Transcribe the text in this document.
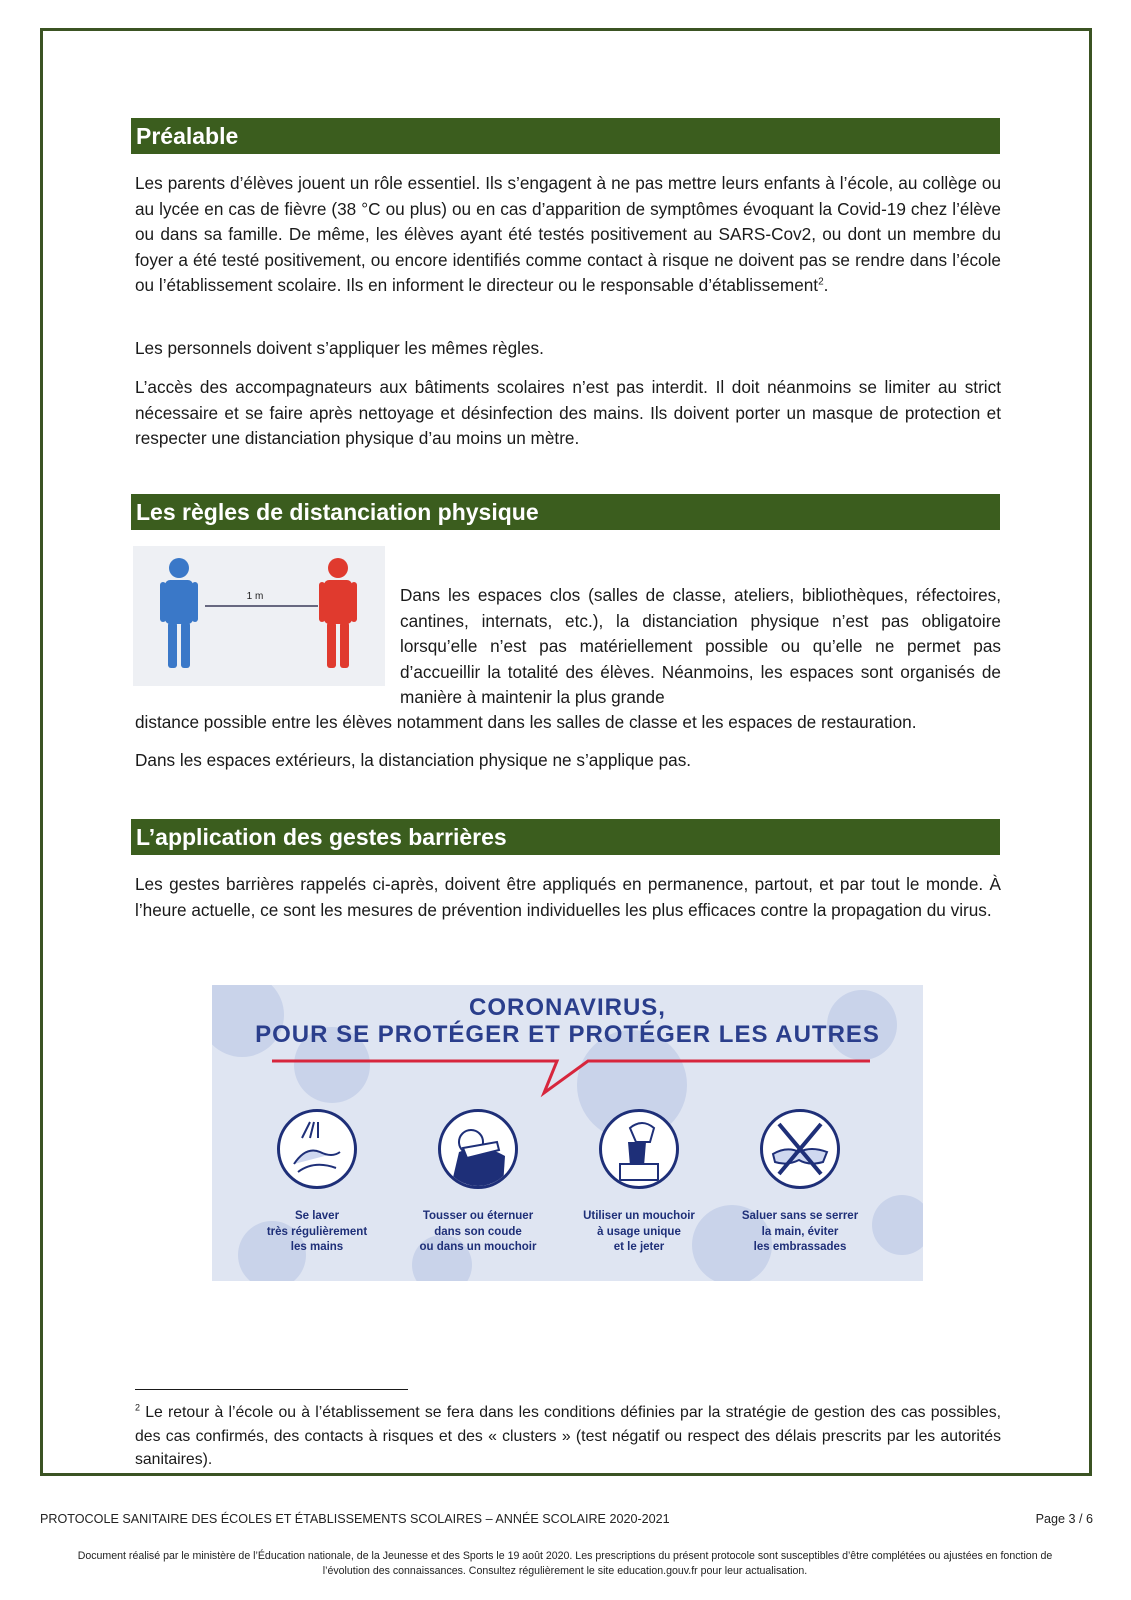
Préalable

Les parents d’élèves jouent un rôle essentiel. Ils s’engagent à ne pas mettre leurs enfants à l’école, au collège ou au lycée en cas de fièvre (38 °C ou plus) ou en cas d’apparition de symptômes évoquant la Covid-19 chez l’élève ou dans sa famille. De même, les élèves ayant été testés positivement au SARS-Cov2, ou dont un membre du foyer a été testé positivement, ou encore identifiés comme contact à risque ne doivent pas se rendre dans l’école ou l’établissement scolaire. Ils en informent le directeur ou le responsable d’établissement$^2$.

Les personnels doivent s’appliquer les mêmes règles.

L’accès des accompagnateurs aux bâtiments scolaires n’est pas interdit. Il doit néanmoins se limiter au strict nécessaire et se faire après nettoyage et désinfection des mains. Ils doivent porter un masque de protection et respecter une distanciation physique d’au moins un mètre.

Les règles de distanciation physique
1 m	Dans les espaces clos (salles de classe, ateliers, bibliothèques, réfectoires, cantines, internats, etc.), la distanciation physique n’est pas obligatoire lorsqu’elle n’est pas matériellement possible ou qu’elle ne permet pas d’accueillir la totalité des élèves. Néanmoins, les espaces sont organisés de manière à maintenir la plus grande

distance possible entre les élèves notamment dans les salles de classe et les espaces de restauration.

Dans les espaces extérieurs, la distanciation physique ne s’applique pas.

L’application des gestes barrières

Les gestes barrières rappelés ci-après, doivent être appliqués en permanence, partout, et par tout le monde. À l’heure actuelle, ce sont les mesures de prévention individuelles les plus efficaces contre la propagation du virus.

CORONAVIRUS,
POUR SE PROTÉGER ET PROTÉGER LES AUTRES
Se laver
très régulièrement
les mains
Tousser ou éternuer
dans son coude
ou dans un mouchoir
Utiliser un mouchoir
à usage unique
et le jeter
Saluer sans se serrer
la main, éviter
les embrassades

$^2$ Le retour à l’école ou à l’établissement se fera dans les conditions définies par la stratégie de gestion des cas possibles, des cas confirmés, des contacts à risques et des « clusters » (test négatif ou respect des délais prescrits par les autorités sanitaires).

PROTOCOLE SANITAIRE DES ÉCOLES ET ÉTABLISSEMENTS SCOLAIRES – ANNÉE SCOLAIRE 2020-2021	Page 3 / 6
Document réalisé par le ministère de l’Éducation nationale, de la Jeunesse et des Sports le 19 août 2020. Les prescriptions du présent protocole sont susceptibles d’être complétées ou ajustées en fonction de
l’évolution des connaissances. Consultez régulièrement le site education.gouv.fr pour leur actualisation.
